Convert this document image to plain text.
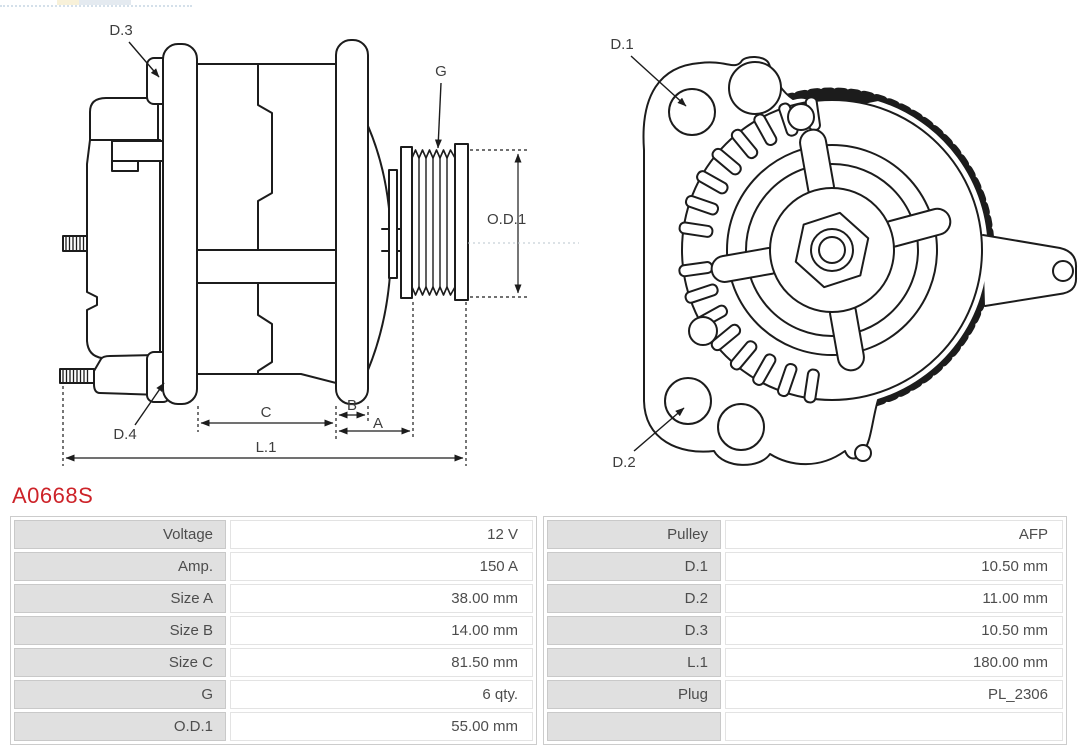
D.3
D.4
G
O.D.1
C	B
A
L.1
D.1
D.2
A0668S
Voltage	12 V
Amp.	150 A
Size A	38.00 mm
Size B	14.00 mm
Size C	81.50 mm
G	6 qty.
O.D.1	55.00 mm
Pulley	AFP
D.1	10.50 mm
D.2	11.00 mm
D.3	10.50 mm
L.1	180.00 mm
Plug	PL_2306
